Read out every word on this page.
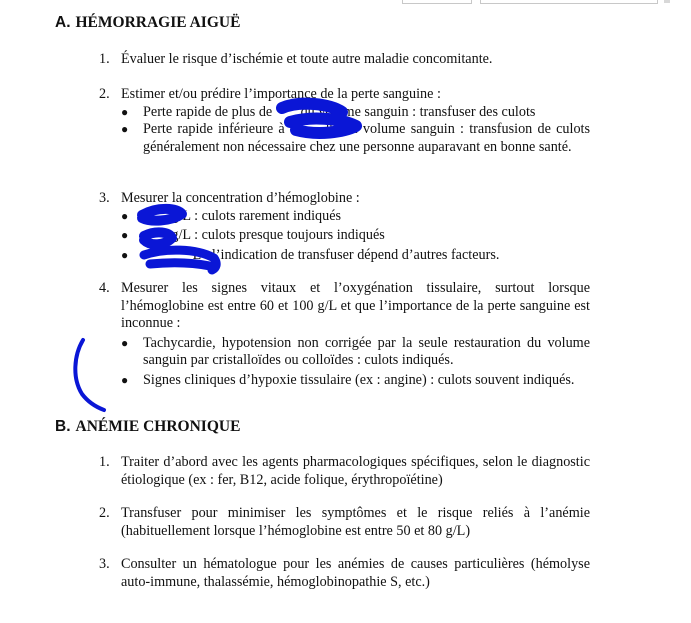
A. HÉMORRAGIE AIGUË
1. Évaluer le risque d’ischémie et toute autre maladie concomitante.
2. Estimer et/ou prédire l’importance de la perte sanguine :
● Perte rapide de plus de        du volume sanguin : transfuser des culots
● Perte rapide inférieure à        % du volume sanguin : transfusion de culots généralement non nécessaire chez une personne auparavant en bonne santé.
3. Mesurer la concentration d’hémoglobine :
● g/L : culots rarement indiqués
● g/L : culots presque toujours indiqués
● L : l’indication de transfuser dépend d’autres facteurs.
4. Mesurer les signes vitaux et l’oxygénation tissulaire, surtout lorsque l’hémoglobine est entre 60 et 100 g/L et que l’importance de la perte sanguine est inconnue :
● Tachycardie, hypotension non corrigée par la seule restauration du volume sanguin par cristalloïdes ou colloïdes : culots indiqués.
● Signes cliniques d’hypoxie tissulaire (ex : angine) : culots souvent indiqués.
B. ANÉMIE CHRONIQUE
1. Traiter d’abord avec les agents pharmacologiques spécifiques, selon le diagnostic étiologique (ex : fer, B12, acide folique, érythropoïétine)
2. Transfuser pour minimiser les symptômes et le risque reliés à l’anémie (habituellement lorsque l’hémoglobine est entre 50 et 80 g/L)
3. Consulter un hématologue pour les anémies de causes particulières (hémolyse auto-immune, thalassémie, hémoglobinopathie S, etc.)
